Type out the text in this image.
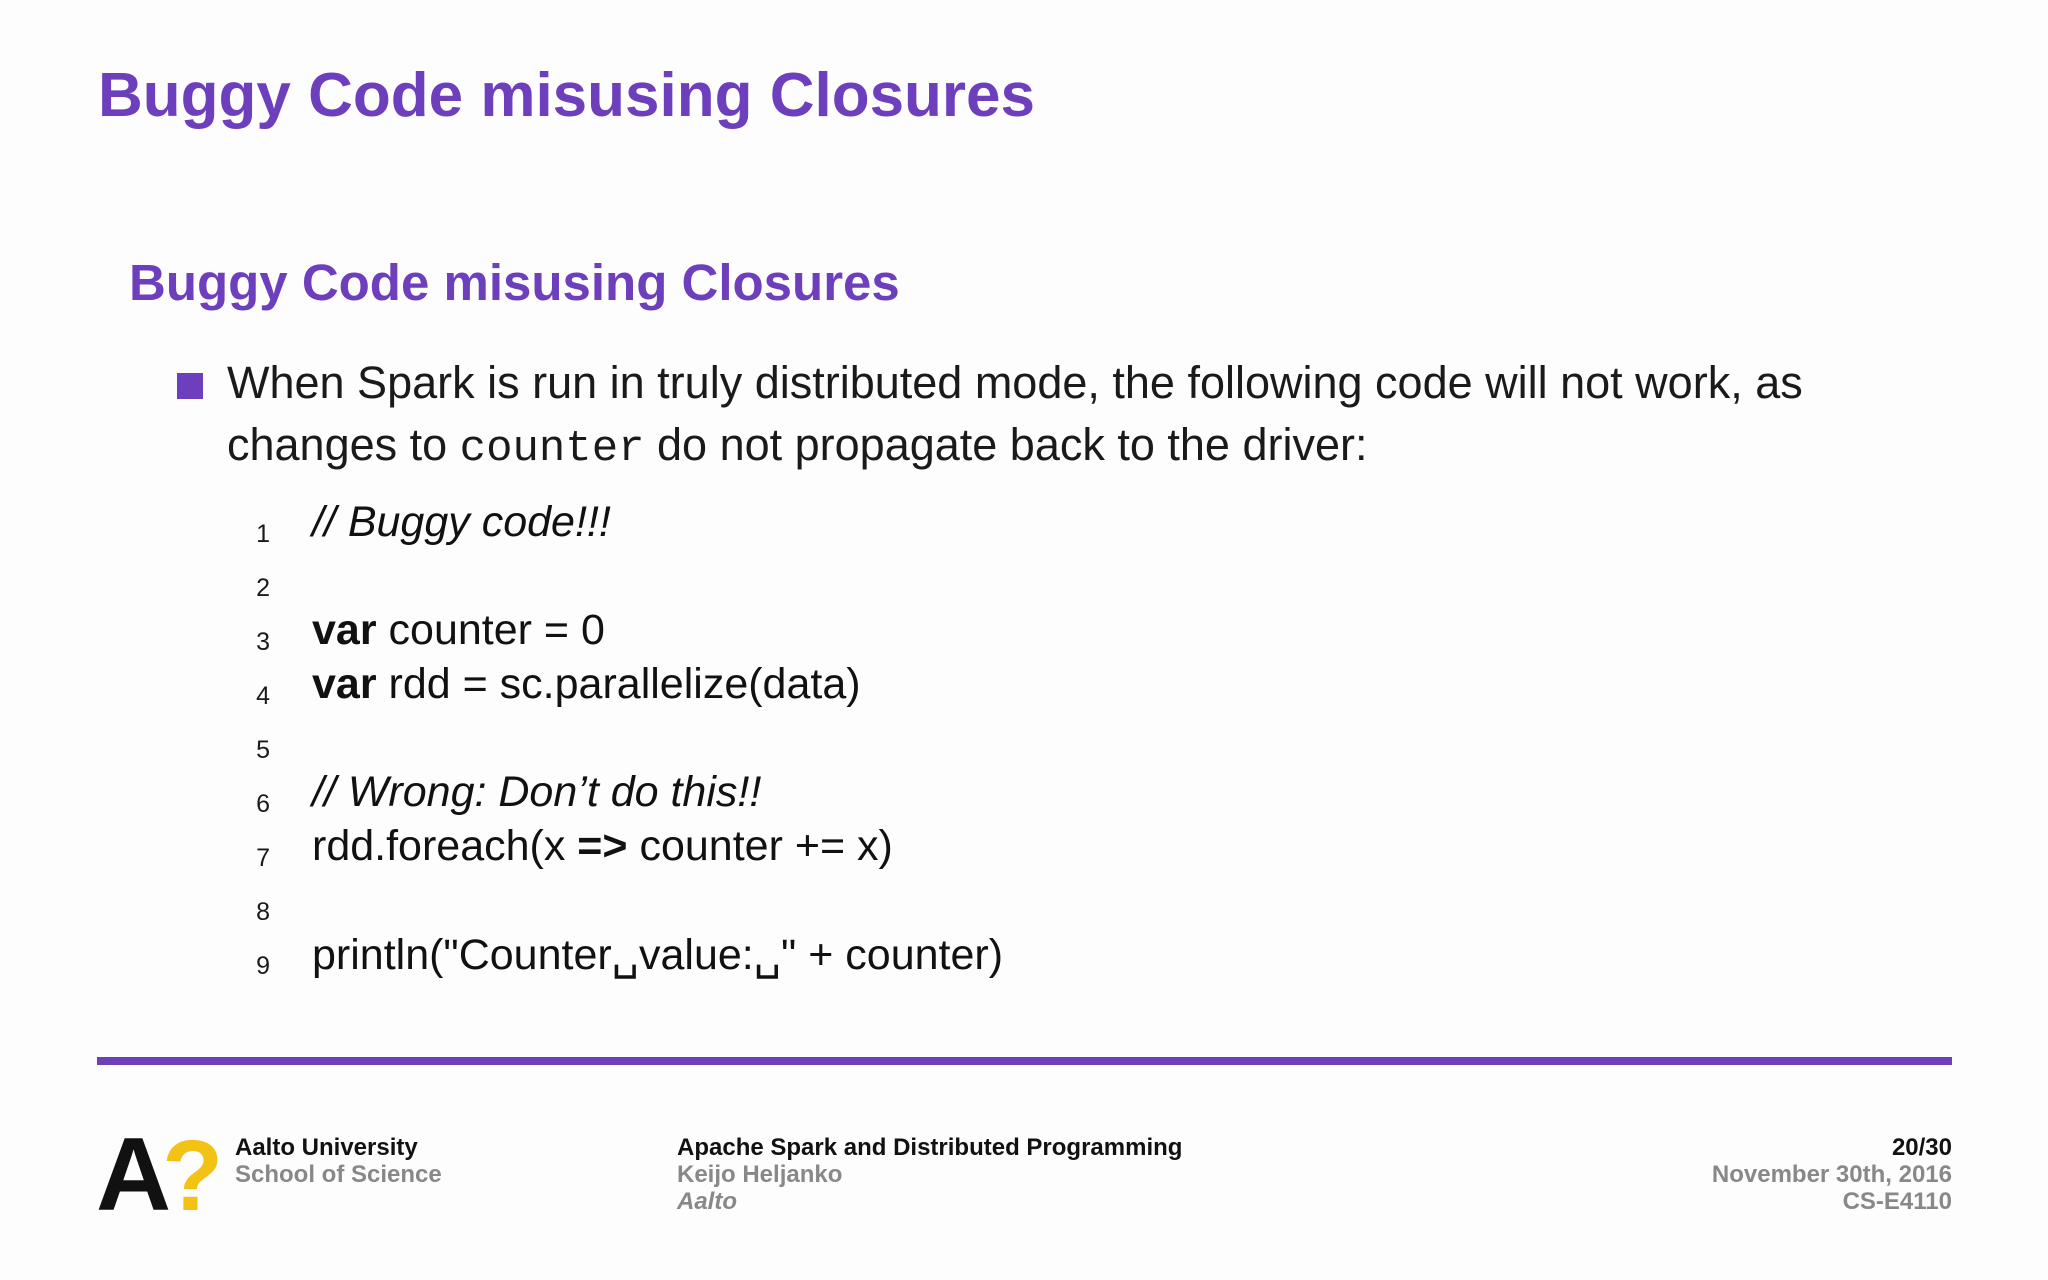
Buggy Code misusing Closures
Buggy Code misusing Closures
When Spark is run in truly distributed mode, the following code will not work, as changes to counter do not propagate back to the driver:
1 // Buggy code!!!
2
3 var counter = 0
4 var rdd = sc.parallelize(data)
5
6 // Wrong: Don’t do this!!
7 rdd.foreach(x => counter += x)
8
9 println("Counter␣value:␣" + counter)
A
? Aalto University
School of Science
Apache Spark and Distributed Programming
Keijo Heljanko
Aalto
20/30
November 30th, 2016
CS-E4110
